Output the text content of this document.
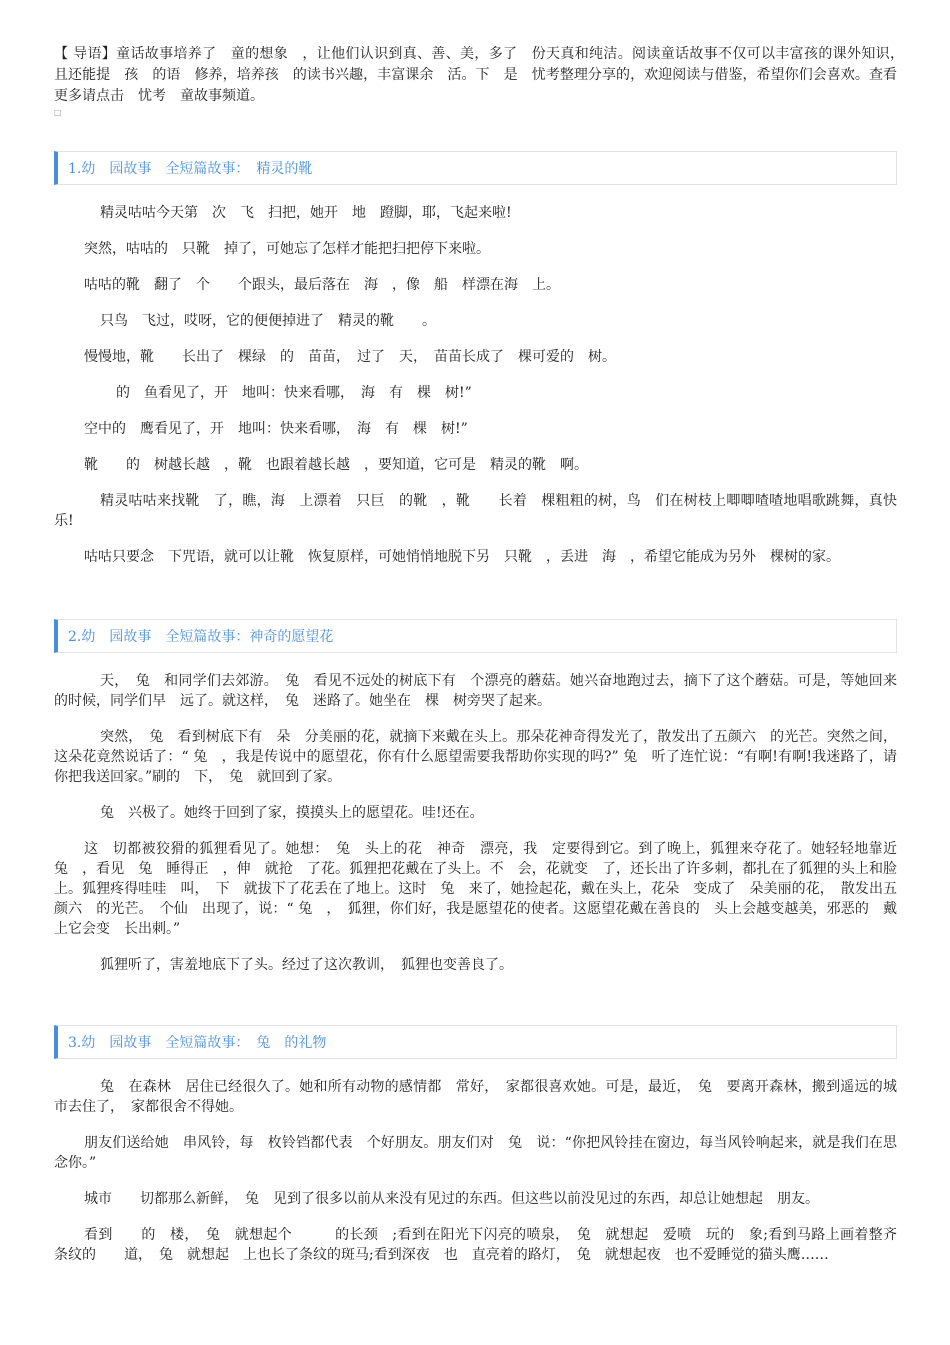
【 导语】童话故事培养了　童的想象　，让他们认识到真、善、美，多了　份天真和纯洁。阅读童话故事不仅可以丰富孩的课外知识，　且还能提　孩　的语　修养，培养孩　的读书兴趣，丰富课余　活。下　是　忧考整理分享的，欢迎阅读与借鉴，希望你们会喜欢。查看更多请点击　忧考　童故事频道。

□
1.幼　园故事　全短篇故事：　精灵的靴

精灵咕咕今天第　次　飞　扫把，她开　地　蹬脚，耶，飞起来啦!

突然，咕咕的　只靴　掉了，可她忘了怎样才能把扫把停下来啦。

咕咕的靴　翻了　个　　个跟头，最后落在　海　，像　船　样漂在海　上。

只鸟　飞过，哎呀，它的便便掉进了　精灵的靴　　。

慢慢地，靴　　长出了　棵绿　的　苗苗，　过了　天，　苗苗长成了　棵可爱的　树。

的　鱼看见了，开　地叫：快来看哪，　海　有　棵　树!”

空中的　鹰看见了，开　地叫：快来看哪，　海　有　棵　树!”

靴　　的　树越长越　，靴　也跟着越长越　，要知道，它可是　精灵的靴　啊。

精灵咕咕来找靴　了，瞧，海　上漂着　只巨　的靴　，靴　　长着　棵粗粗的树，鸟　们在树枝上唧唧喳喳地唱歌跳舞，真快乐!

咕咕只要念　下咒语，就可以让靴　恢复原样，可她悄悄地脱下另　只靴　，丢进　海　，希望它能成为另外　棵树的家。

2.幼　园故事　全短篇故事：神奇的愿望花

天，　兔　和同学们去郊游。　兔　看见不远处的树底下有　个漂亮的蘑菇。她兴奋地跑过去，摘下了这个蘑菇。可是，等她回来的时候，同学们早　远了。就这样，　兔　迷路了。她坐在　棵　树旁哭了起来。

突然，　兔　看到树底下有　朵　分美丽的花，就摘下来戴在头上。那朵花神奇得发光了，散发出了五颜六　的光芒。突然之间，这朵花竟然说话了：“ 兔　，我是传说中的愿望花，你有什么愿望需要我帮助你实现的吗?” 兔　听了连忙说：“有啊!有啊!我迷路了，请你把我送回家。”刷的　下，　兔　就回到了家。

兔　兴极了。她终于回到了家，摸摸头上的愿望花。哇!还在。

这　切都被狡猾的狐狸看见了。她想：　兔　头上的花　神奇　漂亮，我　定要得到它。到了晚上，狐狸来夺花了。她轻轻地靠近　兔　，看见　兔　睡得正　，伸　就抢　了花。狐狸把花戴在了头上。不　会，花就变　了，还长出了许多刺，都扎在了狐狸的头上和脸上。狐狸疼得哇哇　叫，　下　就拔下了花丢在了地上。这时　兔　来了，她捡起花，戴在头上，花朵　变成了　朵美丽的花，　散发出五颜六　的光芒。　个仙　出现了，说：“ 兔　，　狐狸，你们好，我是愿望花的使者。这愿望花戴在善良的　头上会越变越美，邪恶的　戴上它会变　长出刺。”

狐狸听了，害羞地底下了头。经过了这次教训，　狐狸也变善良了。

3.幼　园故事　全短篇故事：　兔　的礼物

兔　在森林　居住已经很久了。她和所有动物的感情都　常好，　家都很喜欢她。可是，最近，　兔　要离开森林，搬到遥远的城市去住了，　家都很舍不得她。

朋友们送给她　串风铃，每　枚铃铛都代表　个好朋友。朋友们对　兔　说：“你把风铃挂在窗边，每当风铃响起来，就是我们在思念你。”

城市　　切都那么新鲜，　兔　见到了很多以前从来没有见过的东西。但这些以前没见过的东西，却总让她想起　朋友。

看到　　的　楼，　兔　就想起个　　　的长颈　;看到在阳光下闪亮的喷泉，　兔　就想起　爱喷　玩的　象;看到马路上画着整齐　　条纹的　　道，　兔　就想起　上也长了条纹的斑马;看到深夜　也　直亮着的路灯，　兔　就想起夜　也不爱睡觉的猫头鹰……
